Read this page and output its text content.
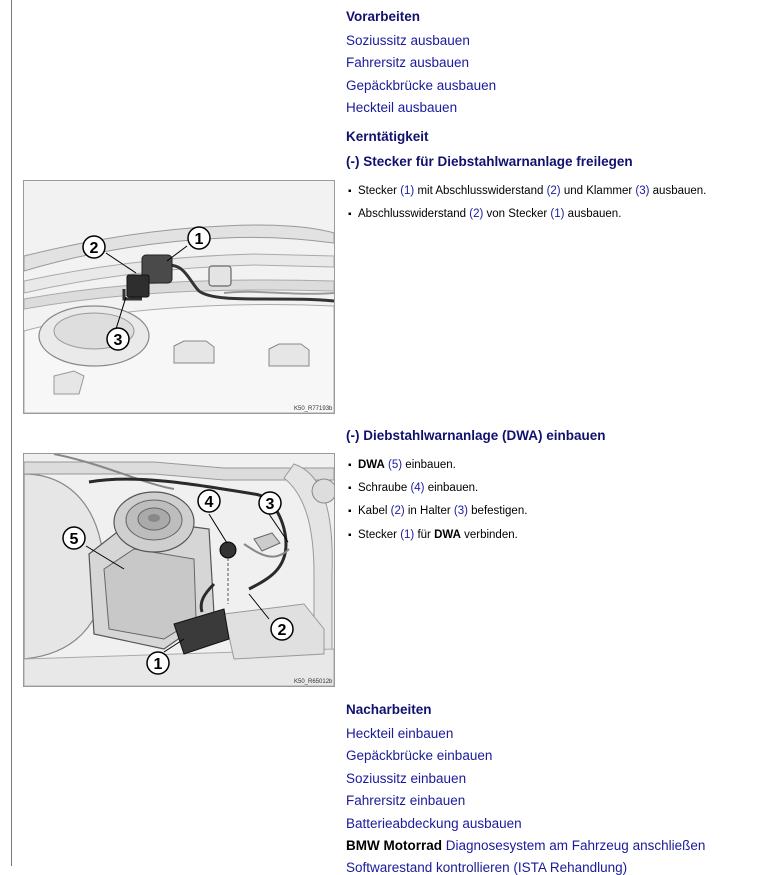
Vorarbeiten
Soziussitz ausbauen
Fahrersitz ausbauen
Gepäckbrücke ausbauen
Heckteil ausbauen
Kerntätigkeit
(-) Stecker für Diebstahlwarnanlage freilegen
▪ Stecker (1) mit Abschlusswiderstand (2) und Klammer (3) ausbauen.
▪ Abschlusswiderstand (2) von Stecker (1) ausbauen.
1
2
3
K50_R77193b
(-) Diebstahlwarnanlage (DWA) einbauen
▪ DWA (5) einbauen.
▪ Schraube (4) einbauen.
▪ Kabel (2) in Halter (3) befestigen.
▪ Stecker (1) für DWA verbinden.
4	3
5
2
1
K50_R65012b
Nacharbeiten
Heckteil einbauen
Gepäckbrücke einbauen
Soziussitz einbauen
Fahrersitz einbauen
Batterieabdeckung ausbauen
BMW Motorrad Diagnosesystem am Fahrzeug anschließen
Softwarestand kontrollieren (ISTA Rehandlung)
